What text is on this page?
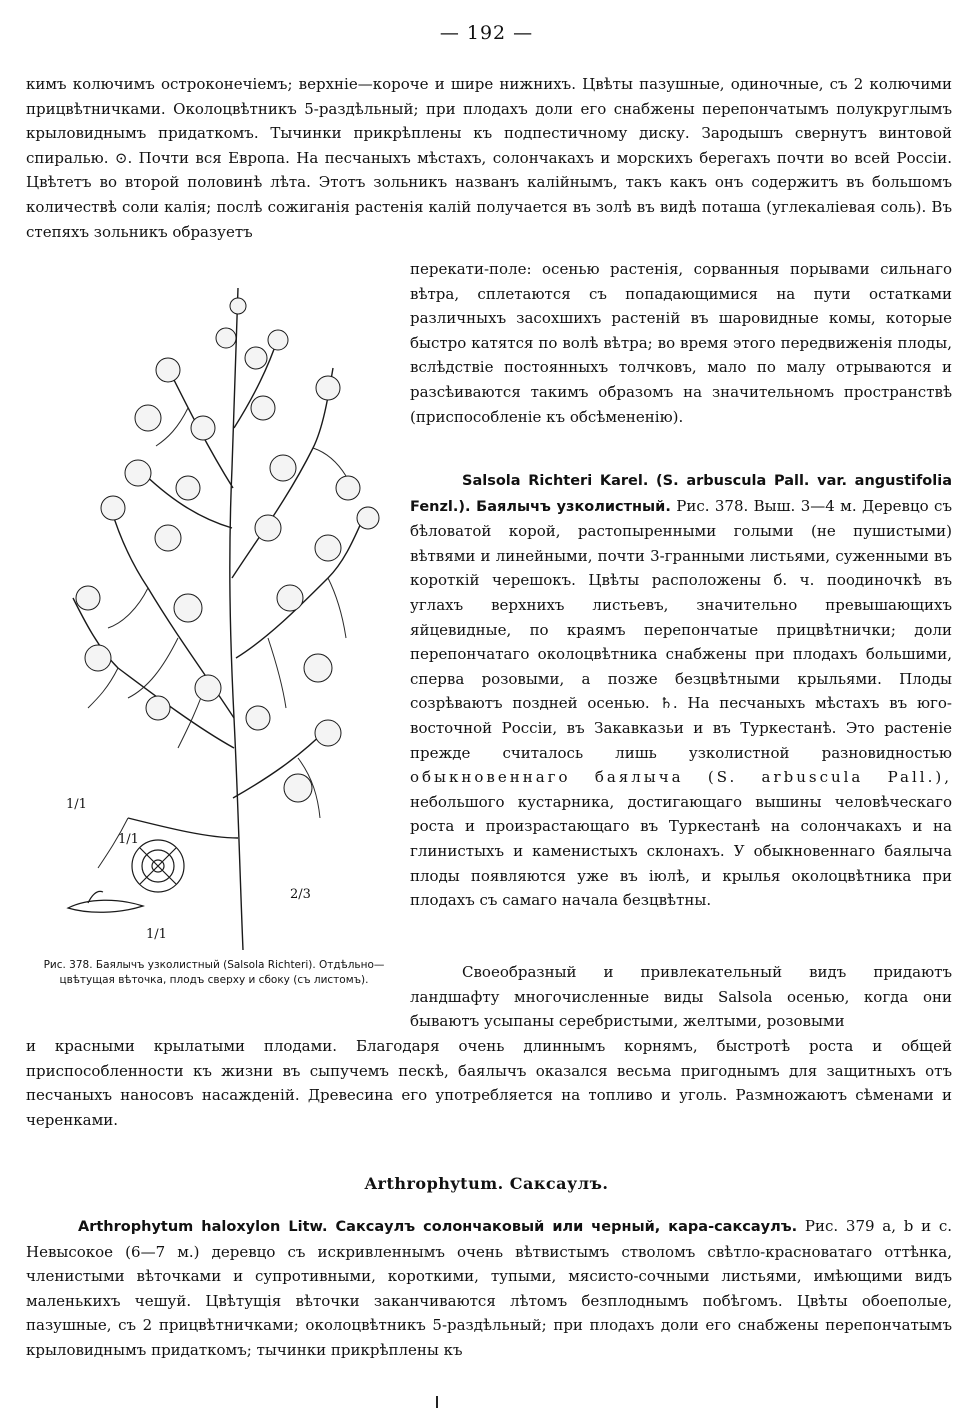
— 192 —

кимъ колючимъ остроконечіемъ; верхніе—короче и шире нижнихъ. Цвѣты пазушные, одиночные, съ 2 колючими прицвѣтничками. Околоцвѣтникъ 5-раздѣльный; при плодахъ доли его снабжены перепончатымъ полукруглымъ крыловиднымъ придаткомъ. Тычинки прикрѣплены къ подпестичному диску. Зародышъ свернутъ винтовой спиралью. ⊙. Почти вся Европа. На песчаныхъ мѣстахъ, солончакахъ и морскихъ берегахъ почти во всей Россіи. Цвѣтетъ во второй половинѣ лѣта. Этотъ зольникъ названъ калійнымъ, такъ какъ онъ содержитъ въ большомъ количествѣ соли калія; послѣ сожиганія растенія калій получается въ золѣ въ видѣ поташа (углекаліевая соль). Въ степяхъ зольникъ образуетъ

перекати-поле: осенью растенія, сорванныя порывами сильнаго вѣтра, сплетаются съ попадающимися на пути остатками различныхъ засохшихъ растеній въ шаровидные комы, которые быстро катятся по волѣ вѣтра; во время этого передвиженія плоды, вслѣдствіе постоянныхъ толчковъ, мало по малу отрываются и разсѣиваются такимъ образомъ на значительномъ пространствѣ (приспособленіе къ обсѣмененію).

Salsola Richteri Karel. (S. arbuscula Pall. var. angustifolia Fenzl.). Баялычъ узколистный. Рис. 378. Выш. 3—4 м. Деревцо съ бѣловатой корой, растопыренными голыми (не пушистыми) вѣтвями и линейными, почти 3-гранными листьями, суженными въ короткій черешокъ. Цвѣты расположены б. ч. поодиночкѣ въ углахъ верхнихъ листьевъ, значительно превышающихъ яйцевидные, по краямъ перепончатые прицвѣтнички; доли перепончатаго околоцвѣтника снабжены при плодахъ большими, сперва розовыми, а позже безцвѣтными крыльями. Плоды созрѣваютъ поздней осенью. ♄. На песчаныхъ мѣстахъ въ юго-восточной Россіи, въ Закавказьи и въ Туркестанѣ. Это растеніе прежде считалось лишь узколистной разновидностью обыкновеннаго баялыча (S. arbuscula Pall.), небольшого кустарника, достигающаго вышины человѣческаго роста и произрастающаго въ Туркестанѣ на солончакахъ и на глинистыхъ и каменистыхъ склонахъ. У обыкновеннаго баялыча плоды появляются уже въ іюлѣ, и крылья околоцвѣтника при плодахъ съ самаго начала безцвѣтны.

Своеобразный и привлекательный видъ придаютъ ландшафту многочисленные виды Salsola осенью, когда они бываютъ усыпаны серебристыми, желтыми, розовыми

и красными крылатыми плодами. Благодаря очень длиннымъ корнямъ, быстротѣ роста и общей приспособленности къ жизни въ сыпучемъ пескѣ, баялычъ оказался весьма пригоднымъ для защитныхъ отъ песчаныхъ наносовъ насажденій. Древесина его употребляется на топливо и уголь. Размножаютъ сѣменами и черенками.

1/1
1/1
1/1
2/3
Рис. 378. Баялычъ узколистный (Salsola Richteri). Отдѣльно—цвѣтущая вѣточка, плодъ сверху и сбоку (съ листомъ).
Arthrophytum. Саксаулъ.

Arthrophytum haloxylon Litw. Саксаулъ солончаковый или черный, кара-саксаулъ. Рис. 379 a, b и c. Невысокое (6—7 м.) деревцо съ искривленнымъ очень вѣтвистымъ стволомъ свѣтло-красноватаго оттѣнка, членистыми вѣточками и супротивными, короткими, тупыми, мясисто-сочными листьями, имѣющими видъ маленькихъ чешуй. Цвѣтущія вѣточки заканчиваются лѣтомъ безплоднымъ побѣгомъ. Цвѣты обоеполые, пазушные, съ 2 прицвѣтничками; околоцвѣтникъ 5-раздѣльный; при плодахъ доли его снабжены перепончатымъ крыловиднымъ придаткомъ; тычинки прикрѣплены къ
